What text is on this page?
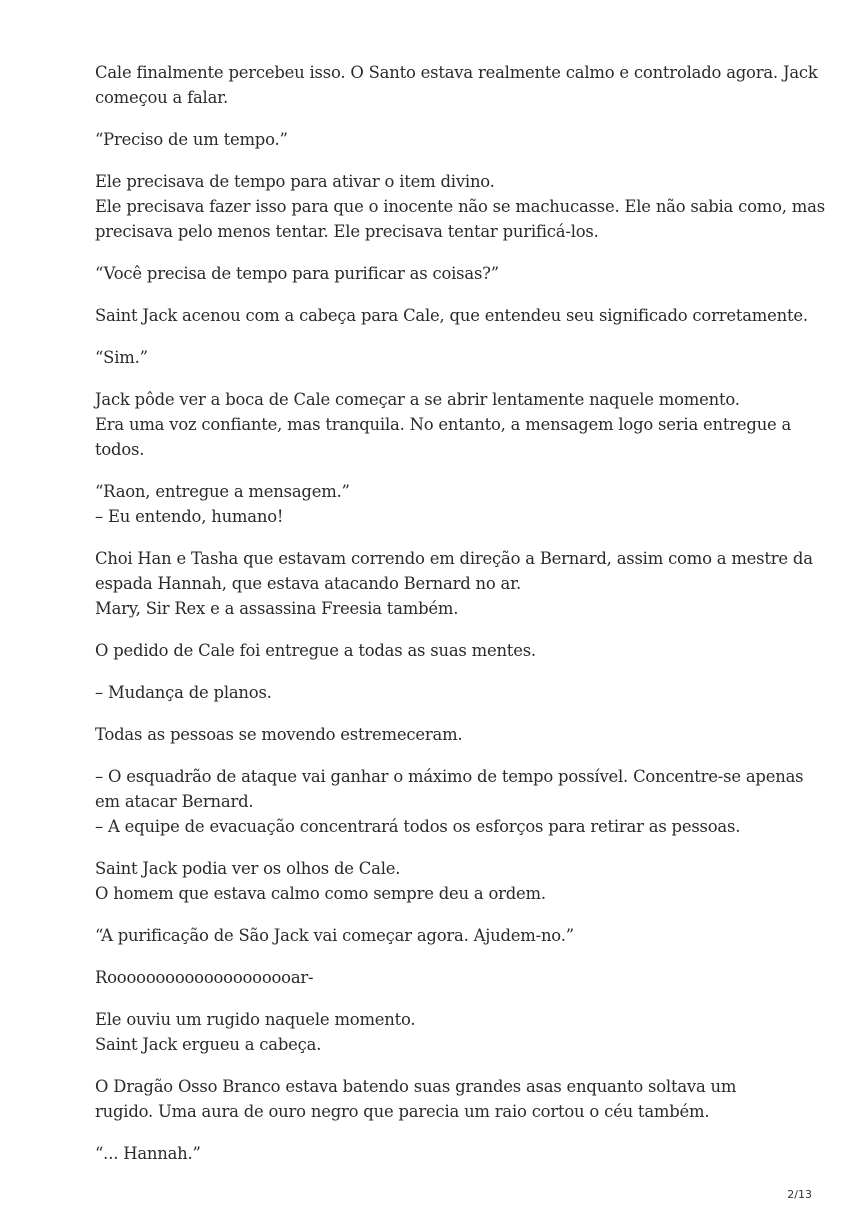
Cale finalmente percebeu isso. O Santo estava realmente calmo e controlado agora. Jack
começou a falar.
“Preciso de um tempo.”
Ele precisava de tempo para ativar o item divino.
Ele precisava fazer isso para que o inocente não se machucasse. Ele não sabia como, mas
precisava pelo menos tentar. Ele precisava tentar purificá-los.
“Você precisa de tempo para purificar as coisas?”
Saint Jack acenou com a cabeça para Cale, que entendeu seu significado corretamente.
“Sim.”
Jack pôde ver a boca de Cale começar a se abrir lentamente naquele momento.
Era uma voz confiante, mas tranquila. No entanto, a mensagem logo seria entregue a
todos.
“Raon, entregue a mensagem.”
– Eu entendo, humano!
Choi Han e Tasha que estavam correndo em direção a Bernard, assim como a mestre da
espada Hannah, que estava atacando Bernard no ar.
Mary, Sir Rex e a assassina Freesia também.
O pedido de Cale foi entregue a todas as suas mentes.
– Mudança de planos.
Todas as pessoas se movendo estremeceram.
– O esquadrão de ataque vai ganhar o máximo de tempo possível. Concentre-se apenas
em atacar Bernard.
– A equipe de evacuação concentrará todos os esforços para retirar as pessoas.
Saint Jack podia ver os olhos de Cale.
O homem que estava calmo como sempre deu a ordem.
“A purificação de São Jack vai começar agora. Ajudem-no.”
Roooooooooooooooooooar-
Ele ouviu um rugido naquele momento.
Saint Jack ergueu a cabeça.
O Dragão Osso Branco estava batendo suas grandes asas enquanto soltava um
rugido. Uma aura de ouro negro que parecia um raio cortou o céu também.
“... Hannah.”
2/13
